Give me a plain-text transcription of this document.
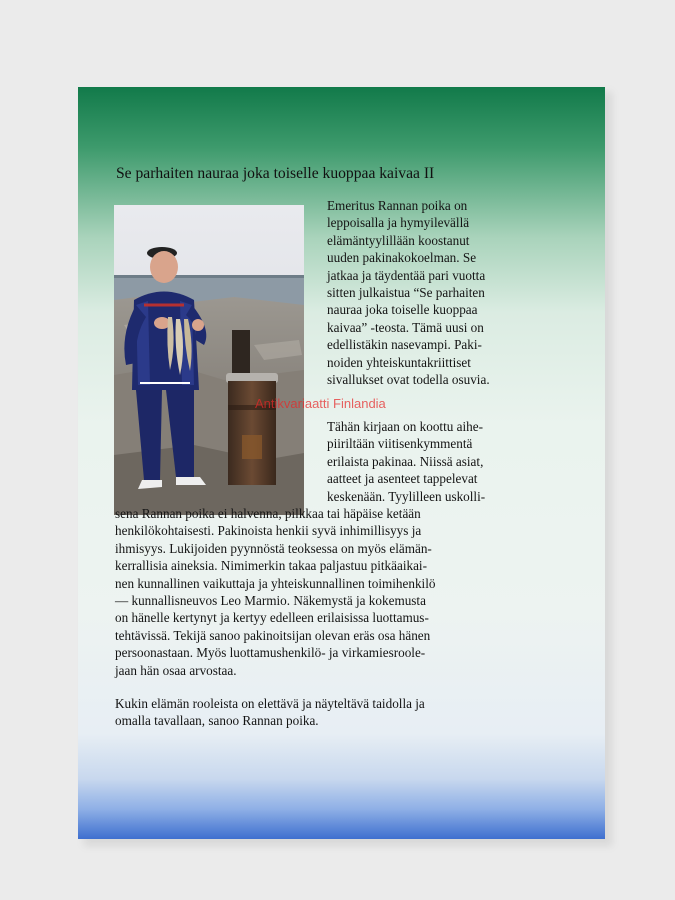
Se parhaiten nauraa joka toiselle kuoppaa kaivaa II

Emeritus Rannan poika on

leppoisalla ja hymyilevällä

elämäntyylillään koostanut

uuden pakinakokoelman. Se

jatkaa ja täydentää pari vuotta

sitten julkaistua “Se parhaiten

nauraa joka toiselle kuoppaa

kaivaa” -teosta. Tämä uusi on

edellistäkin nasevampi. Paki-

noiden yhteiskuntakriittiset

sivallukset ovat todella osuvia.

Tähän kirjaan on koottu aihe-

piiriltään viitisenkymmentä

erilaista pakinaa. Niissä asiat,

aatteet ja asenteet tappelevat

keskenään. Tyylilleen uskolli-

sena Rannan poika ei halvenna, pilkkaa tai häpäise ketään

henkilökohtaisesti. Pakinoista henkii syvä inhimillisyys ja

ihmisyys. Lukijoiden pyynnöstä teoksessa on myös elämän-

kerrallisia aineksia. Nimimerkin takaa paljastuu pitkäaikai-

nen kunnallinen vaikuttaja ja yhteiskunnallinen toimihenkilö

— kunnallisneuvos Leo Marmio. Näkemystä ja kokemusta

on hänelle kertynyt ja kertyy edelleen erilaisissa luottamus-

tehtävissä. Tekijä sanoo pakinoitsijan olevan eräs osa hänen

persoonastaan. Myös luottamushenkilö- ja virkamiesroole-

jaan hän osaa arvostaa.

Kukin elämän rooleista on elettävä ja näyteltävä taidolla ja

omalla tavallaan, sanoo Rannan poika.

Antikvariaatti Finlandia
